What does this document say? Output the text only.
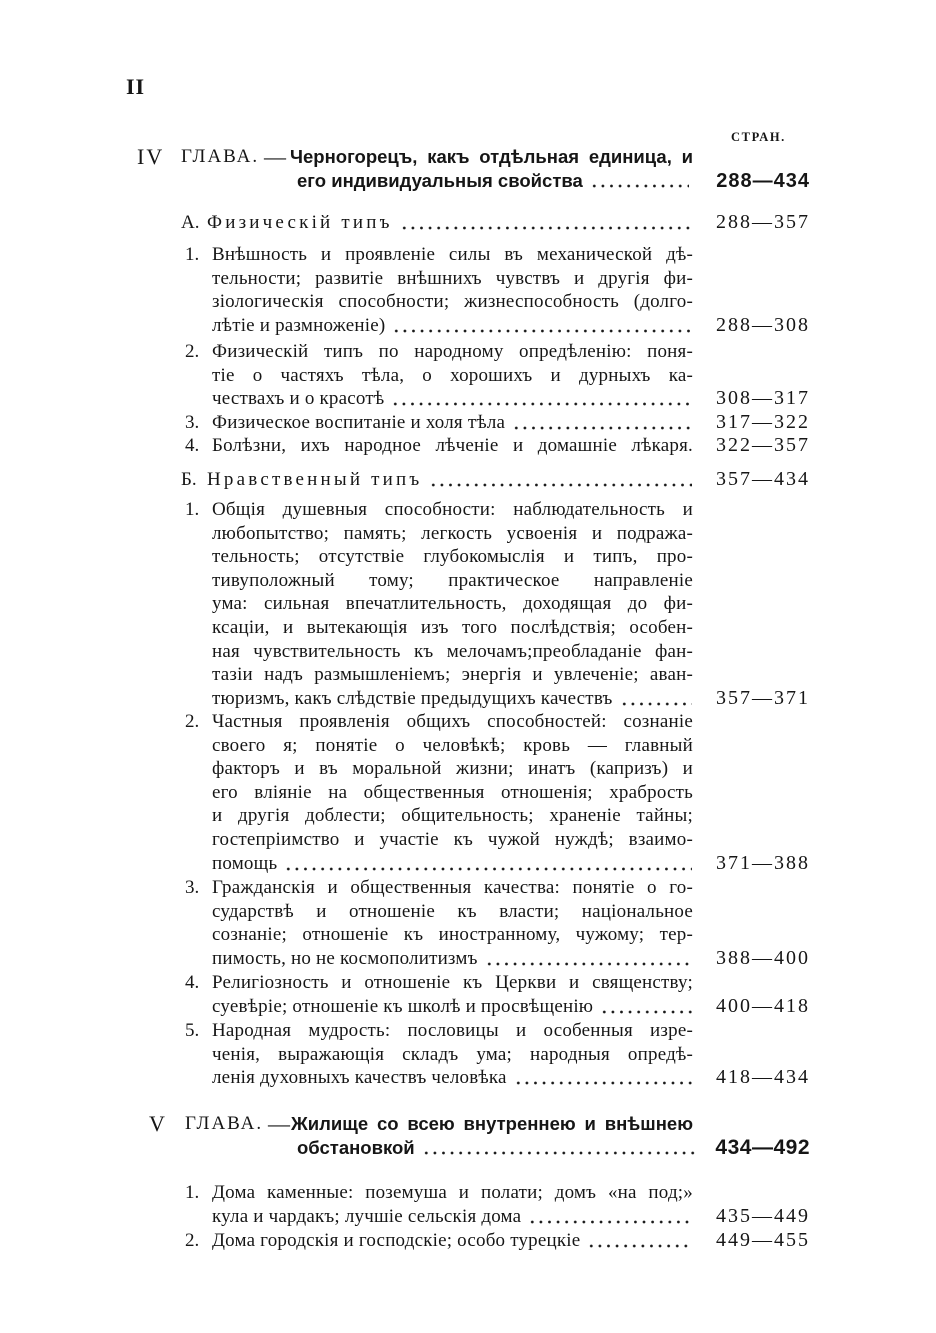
II
СТРАН.
IV ГЛАВА. — Черногорецъ, какъ отдѣльная единица, и
его индивидуальныя свойства	288—434
А. Физическій типъ	288—357
1. Внѣшность и проявленіе силы въ механической дѣ-
тельности; развитіе внѣшнихъ чувствъ и другія фи-
зіологическія способности; жизнеспособность (долго-
лѣтіе и размноженіе)	288—308
2. Физическій типъ по народному опредѣленію: поня-
тіе о частяхъ тѣла, о хорошихъ и дурныхъ ка-
чествахъ и о красотѣ	308—317
3. Физическое воспитаніе и холя тѣла	317—322
4. Болѣзни, ихъ народное лѣченіе и домашніе лѣкаря.	322—357
Б. Нравственный типъ	357—434
1. Общія душевныя способности: наблюдательность и
любопытство; память; легкость усвоенія и подража-
тельность; отсутствіе глубокомыслія и типъ, про-
тивуположный тому; практическое направленіе
ума: сильная впечатлительность, доходящая до фи-
ксаціи, и вытекающія изъ того послѣдствія; особен-
ная чувствительность къ мелочамъ;преобладаніе фан-
тазіи надъ размышленіемъ; энергія и увлеченіе; аван-
тюризмъ, какъ слѣдствіе предыдущихъ качествъ	357—371
2. Частныя проявленія общихъ способностей: сознаніе
своего я; понятіе о человѣкѣ; кровь — главный
факторъ и въ моральной жизни; инатъ (капризъ) и
его вліяніе на общественныя отношенія; храбрость
и другія доблести; общительность; храненіе тайны;
гостепріимство и участіе къ чужой нуждѣ; взаимо-
помощь	371—388
3. Гражданскія и общественныя качества: понятіе о го-
сударствѣ и отношеніе къ власти; національное
сознаніе; отношеніе къ иностранному, чужому; тер-
пимость, но не космополитизмъ	388—400
4. Религіозность и отношеніе къ Церкви и священству;
суевѣріе; отношеніе къ школѣ и просвѣщенію	400—418
5. Народная мудрость: пословицы и особенныя изре-
ченія, выражающія складъ ума; народныя опредѣ-
ленія духовныхъ качествъ человѣка	418—434
V ГЛАВА. — Жилище со всею внутреннею и внѣшнею
обстановкой	434—492
1. Дома каменные: поземуша и полати; домъ «на под;»
кула и чардакъ; лучшіе сельскія дома	435—449
2. Дома городскія и господскіе; особо турецкіе	449—455
